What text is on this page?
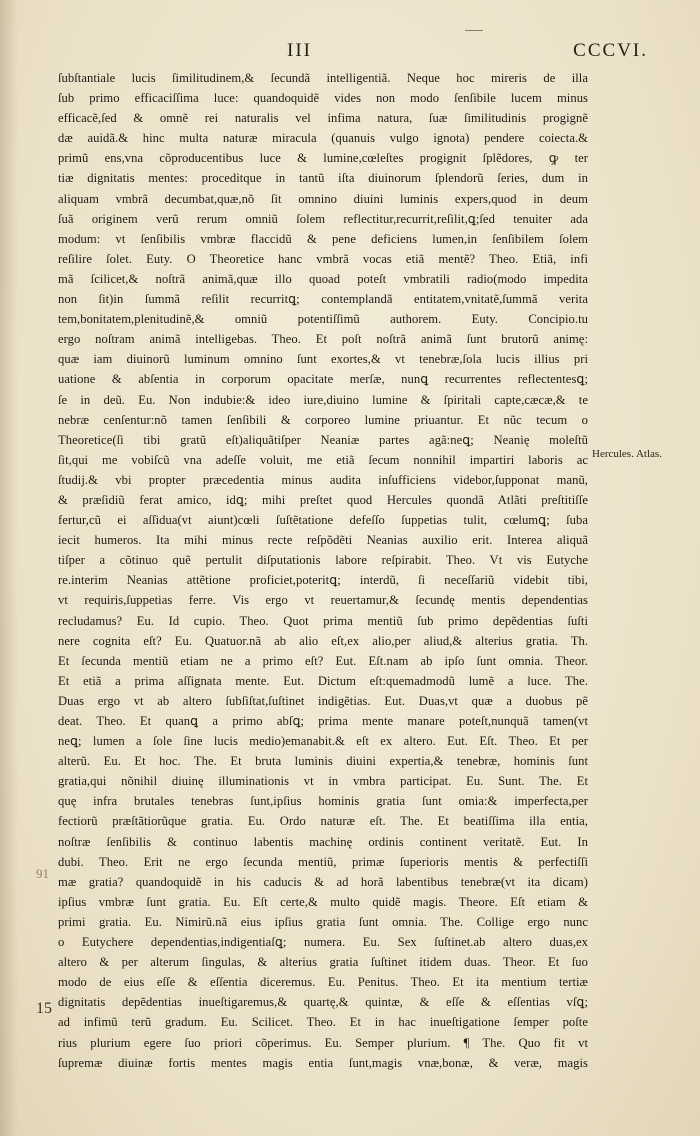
III	CCCVI.
ſubſtantiale lucis ſimilitudinem,& ſecundã intelligentiã. Neque hoc mireris de illa
ſub primo efficaciſſima luce: quandoquidẽ vides non modo ſenſibile lucem minus
efficacẽ,ſed & omnẽ rei naturalis vel infima natura, ſuæ ſimilitudinis progignẽ
dæ auidã.& hinc multa naturæ miracula (quanuis vulgo ignota) pendere coiecta.&
primũ ens,vna cõproducentibus luce & lumine,cœleſtes progignit ſplẽdores, ꝙ ter
tiæ dignitatis mentes: proceditque in tantũ iſta diuinorum ſplendorũ ſeries, dum in
aliquam vmbrã decumbat,quæ,nõ ſit omnino diuini luminis expers,quod in deum
ſuã originem verũ rerum omniũ ſolem reflectitur,recurrit,reſilit,ꝗ;ſed tenuiter ada
modum: vt ſenſibilis vmbræ flaccidũ & pene deficiens lumen,in ſenſibilem ſolem
reſilire ſolet. Euty. O Theoretice hanc vmbrã vocas etiã mentẽ? Theo. Etiã, infi
mã ſcilicet,& noſtrã animã,quæ illo quoad poteſt vmbratili radio(modo impedita
non ſit)in ſummã reſilit recurritꝗ; contemplandã entitatem,vnitatẽ,ſummã verita
tem,bonitatem,plenitudinẽ,& omniũ potentiſſimũ authorem. Euty. Concipio.tu
ergo noſtram animã intelligebas. Theo. Et poſt noſtrã animã ſunt brutorũ animę:
quæ iam diuinorũ luminum omnino ſunt exortes,& vt tenebræ,ſola lucis illius pri
uatione & abſentia in corporum opacitate merſæ, nunꝗ recurrentes reflectentesꝗ;
ſe in deũ. Eu. Non indubie:& ideo iure,diuino lumine & ſpiritali capte,cæcæ,& te
nebræ cenſentur:nõ tamen ſenſibili & corporeo lumine priuantur. Et nũc tecum o
Theoretice(ſi tibi gratũ eſt)aliquãtiſper Neaniæ partes agã:neꝗ; Neanię moleſtũ
ſit,qui me vobiſcũ vna adeſſe voluit, me etiã ſecum nonnihil impartiri laboris ac
ſtudij.& vbi propter præcedentia minus audita inſufficiens videbor,ſupponat manũ,
& præſidiũ ferat amico, idꝗ; mihi preſtet quod Hercules quondã Atlãti preſtitiſſe
fertur,cũ ei aſſidua(vt aiunt)cœli ſuſtẽtatione defeſſo ſuppetias tulit, cœlumꝗ; ſuba
iecit humeros. Ita mihi minus recte reſpõdẽti Neanias auxilio erit. Interea aliquã
tiſper a cõtinuo quẽ pertulit diſputationis labore reſpirabit. Theo. Vt vis Eutyche
re.interim Neanias attẽtione proficiet,poteritꝗ; interdũ, ſi neceſſariũ videbit tibi,
vt requiris,ſuppetias ferre. Vis ergo vt reuertamur,& ſecundę mentis dependentias
recludamus? Eu. Id cupio. Theo. Quot prima mentiũ ſub primo depẽdentias ſuſti
nere cognita eſt? Eu. Quatuor.nã ab alio eſt,ex alio,per aliud,& alterius gratia. Th.
Et ſecunda mentiũ etiam ne a primo eſt? Eut. Eſt.nam ab ipſo ſunt omnia. Theor.
Et etiã a prima aſſignata mente. Eut. Dictum eſt:quemadmodũ lumẽ a luce. The.
Duas ergo vt ab altero ſubſiſtat,ſuſtinet indigẽtias. Eut. Duas,vt quæ a duobus pẽ
deat. Theo. Et quanꝗ a primo abſꝗ; prima mente manare poteſt,nunquã tamen(vt
neꝗ; lumen a ſole ſine lucis medio)emanabit.& eſt ex altero. Eut. Eſt. Theo. Et per
alterũ. Eu. Et hoc. The. Et bruta luminis diuini expertia,& tenebræ, hominis ſunt
gratia,qui nõnihil diuinę illuminationis vt in vmbra participat. Eu. Sunt. The. Et
quę infra brutales tenebras ſunt,ipſius hominis gratia ſunt omia:& imperfecta,per
fectiorũ præſtãtiorũque gratia. Eu. Ordo naturæ eſt. The. Et beatiſſima illa entia,
noſtræ ſenſibilis & continuo labentis machinę ordinis continent veritatẽ. Eut. In
dubi. Theo. Erit ne ergo ſecunda mentiũ, primæ ſuperioris mentis & perfectiſſi
mæ gratia? quandoquidẽ in his caducis & ad horã labentibus tenebræ(vt ita dicam)
ipſius vmbræ ſunt gratia. Eu. Eſt certe,& multo quidẽ magis. Theore. Eſt etiam &
primi gratia. Eu. Nimirũ.nã eius ipſius gratia ſunt omnia. The. Collige ergo nunc
o Eutychere dependentias,indigentiaſꝗ; numera. Eu. Sex ſuſtinet.ab altero duas,ex
altero & per alterum ſingulas, & alterius gratia ſuſtinet itidem duas. Theor. Et ſuo
modo de eius eſſe & eſſentia diceremus. Eu. Penitus. Theo. Et ita mentium tertiæ
dignitatis depẽdentias inueſtigaremus,& quartę,& quintæ, & eſſe & eſſentias vſꝗ;
ad infimũ terũ gradum. Eu. Scilicet. Theo. Et in hac inueſtigatione ſemper poſte
rius plurium egere ſuo priori cõperimus. Eu. Semper plurium. ¶ The. Quo fit vt
ſupremæ diuinæ fortis mentes magis entia ſunt,magis vnæ,bonæ, & veræ, magis
Hercules. Atlas.
91
15
